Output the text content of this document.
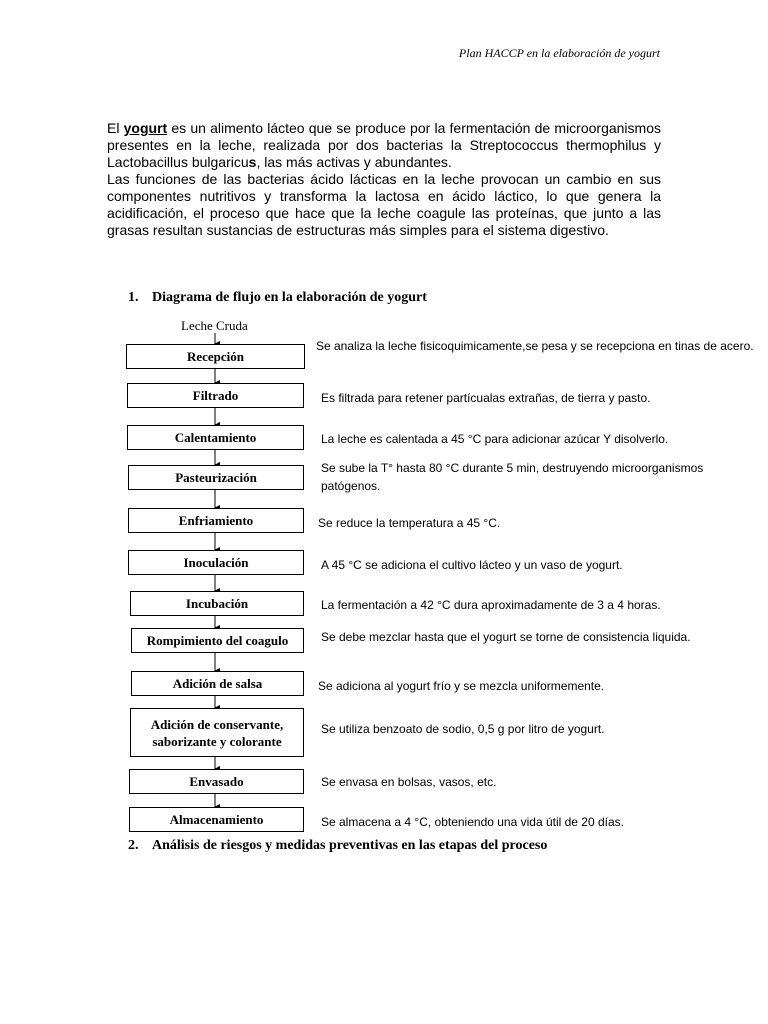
Plan HACCP en la elaboración de yogurt

El yogurt es un alimento lácteo que se produce por la fermentación de microorganismos presentes en la leche, realizada por dos bacterias la Streptococcus thermophilus y Lactobacillus bulgaricus, las más activas y abundantes.

Las funciones de las bacterias ácido lácticas en la leche provocan un cambio en sus componentes nutritivos y transforma la lactosa en ácido láctico, lo que genera la acidificación, el proceso que hace que la leche coagule las proteínas, que junto a las grasas resultan sustancias de estructuras más simples para el sistema digestivo.

1. Diagrama de flujo en la elaboración de yogurt
Leche Cruda
Recepción
Filtrado
Calentamiento
Pasteurización
Enfriamiento
Inoculación
Incubación
Rompimiento del coagulo
Adición de salsa
Adición de conservante, saborizante y colorante
Envasado
Almacenamiento
Se analiza la leche fisicoquimicamente,se pesa y se recepciona en tinas de acero.
Es filtrada para retener partícualas extrañas, de tierra y pasto.
La leche es calentada a 45 °C para adicionar azúcar Y disolverlo.
Se sube la T° hasta 80 °C durante 5 min, destruyendo microorganismos patógenos.
Se reduce la temperatura a 45 °C.
A 45 °C se adiciona el cultivo lácteo y un vaso de yogurt.
La fermentación a 42 °C dura aproximadamente de 3 a 4 horas.
Se debe mezclar hasta que el yogurt se torne de consistencia liquida.
Se adiciona al yogurt frío y se mezcla uniformemente.
Se utiliza benzoato de sodio, 0,5 g por litro de yogurt.
Se envasa en bolsas, vasos, etc.
Se almacena a 4 °C, obteniendo una vida útil de 20 días.
2. Análisis de riesgos y medidas preventivas en las etapas del proceso
